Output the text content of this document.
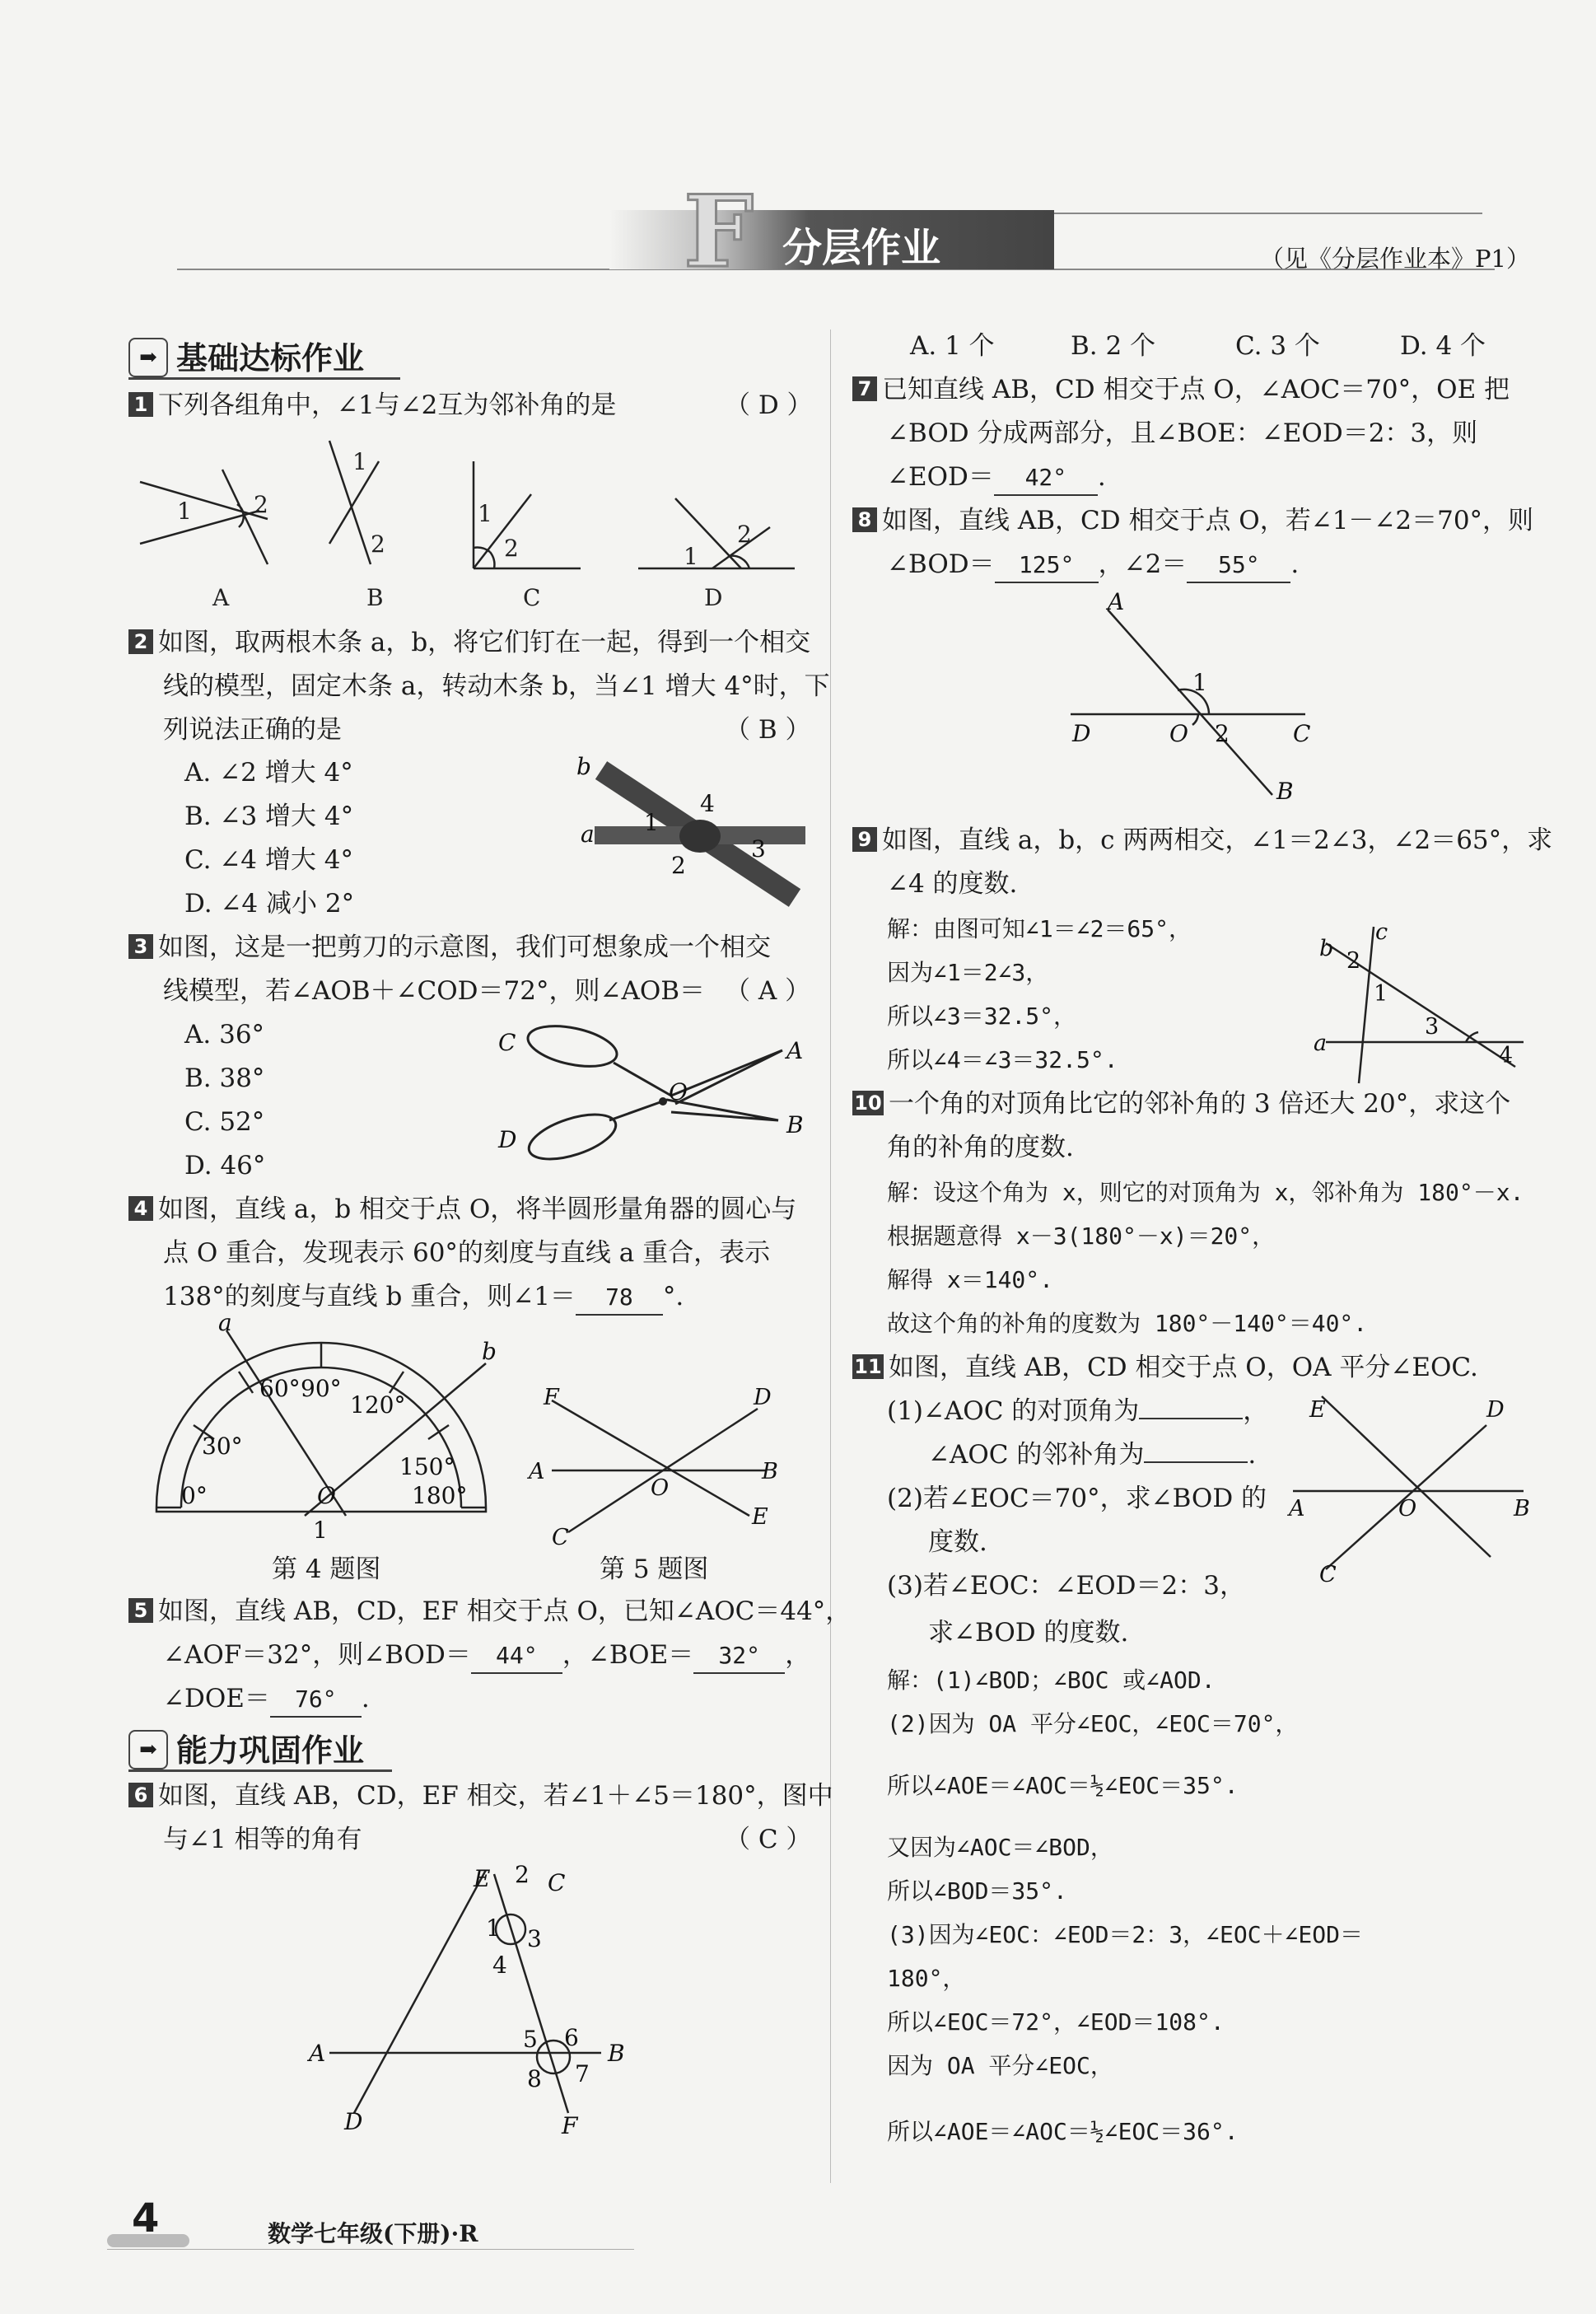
F 分层作业	（见《分层作业本》P1）
➡ 基础达标作业
1 下列各组角中，∠1与∠2互为邻补角的是	（ D ）
1	2
1
2
1
2	1
2
A	B	C	D
2 如图，取两根木条 a，b，将它们钉在一起，得到一个相交
线的模型，固定木条 a，转动木条 b，当∠1 增大 4°时，下
列说法正确的是	（ B ）
A. ∠2 增大 4°
B. ∠3 增大 4°
C. ∠4 增大 4°
D. ∠4 减小 2°
b
a 1
4
2
3
3 如图，这是一把剪刀的示意图，我们可想象成一个相交
线模型，若∠AOB＋∠COD＝72°，则∠AOB＝ （ A ）
A. 36°
B. 38°
C. 52°
D. 46°
C
D
O
A
B
4 如图，直线 a，b 相交于点 O，将半圆形量角器的圆心与
点 O 重合，发现表示 60°的刻度与直线 a 重合，表示
138°的刻度与直线 b 重合，则∠1＝ 78 °.
a
b
60° 90°
120°
30°
150°
0°	180°
O
1
F	D
A	B
O
C
E
第 4 题图	第 5 题图
5 如图，直线 AB，CD，EF 相交于点 O，已知∠AOC＝44°，
∠AOF＝32°，则∠BOD＝ 44° ，∠BOE＝ 32° ，
∠DOE＝ 76° .
➡ 能力巩固作业
6 如图，直线 AB，CD，EF 相交，若∠1＋∠5＝180°，图中
与∠1 相等的角有	（ C ）
E 2 C
1 3
4
A	B
5 6
8 7
D	F
A. 1 个	B. 2 个	C. 3 个	D. 4 个
7 已知直线 AB，CD 相交于点 O，∠AOC＝70°，OE 把
∠BOD 分成两部分，且∠BOE：∠EOD＝2：3，则
∠EOD＝ 42° .
8 如图，直线 AB，CD 相交于点 O，若∠1－∠2＝70°，则
∠BOD＝ 125° ，∠2＝ 55° .
A
1
D	O 2	C
B
9 如图，直线 a，b，c 两两相交，∠1＝2∠3，∠2＝65°，求
∠4 的度数.
解：由图可知∠1＝∠2＝65°，
因为∠1＝2∠3，
所以∠3＝32.5°，
所以∠4＝∠3＝32.5°.
b
c
2
1
3
4
a
10 一个角的对顶角比它的邻补角的 3 倍还大 20°，求这个
角的补角的度数.
解：设这个角为 x，则它的对顶角为 x，邻补角为 180°－x.
根据题意得 x－3(180°－x)＝20°，
解得 x＝140°.
故这个角的补角的度数为 180°－140°＝40°.
11 如图，直线 AB，CD 相交于点 O，OA 平分∠EOC.
(1)∠AOC 的对顶角为	，
∠AOC 的邻补角为	.
(2)若∠EOC＝70°，求∠BOD 的
度数.
(3)若∠EOC：∠EOD＝2：3，
求∠BOD 的度数.
E	D
A	O	B
C
解：(1)∠BOD；∠BOC 或∠AOD.
(2)因为 OA 平分∠EOC，∠EOC＝70°，
所以∠AOE＝∠AOC＝½∠EOC＝35°.
又因为∠AOC＝∠BOD，
所以∠BOD＝35°.
(3)因为∠EOC：∠EOD＝2：3，∠EOC＋∠EOD＝
180°，
所以∠EOC＝72°，∠EOD＝108°.
因为 OA 平分∠EOC，
所以∠AOE＝∠AOC＝½∠EOC＝36°.
4	数学七年级(下册)·R
